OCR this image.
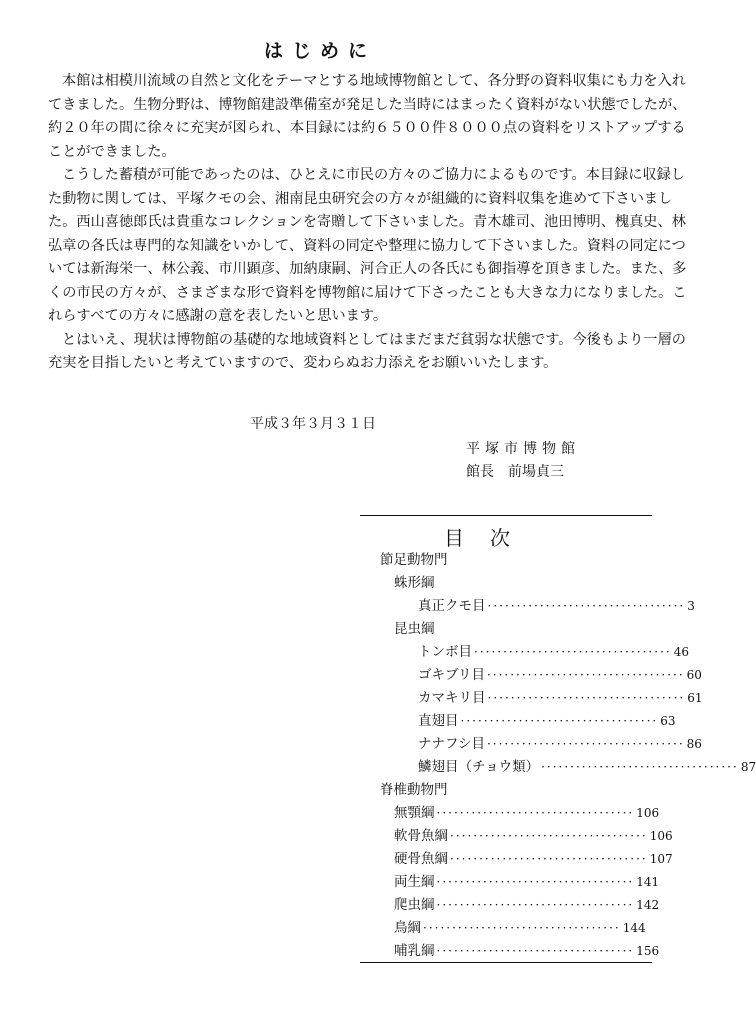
はじめに

本館は相模川流域の自然と文化をテーマとする地域博物館として、各分野の資料収集にも力を入れてきました。生物分野は、博物館建設準備室が発足した当時にはまったく資料がない状態でしたが、約２０年の間に徐々に充実が図られ、本目録には約６５００件８０００点の資料をリストアップすることができました。

こうした蓄積が可能であったのは、ひとえに市民の方々のご協力によるものです。本目録に収録した動物に関しては、平塚クモの会、湘南昆虫研究会の方々が組織的に資料収集を進めて下さいました。西山喜徳郎氏は貴重なコレクションを寄贈して下さいました。青木雄司、池田博明、槐真史、林弘章の各氏は専門的な知識をいかして、資料の同定や整理に協力して下さいました。資料の同定については新海栄一、林公義、市川顕彦、加納康嗣、河合正人の各氏にも御指導を頂きました。また、多くの市民の方々が、さまざまな形で資料を博物館に届けて下さったことも大きな力になりました。これらすべての方々に感謝の意を表したいと思います。

とはいえ、現状は博物館の基礎的な地域資料としてはまだまだ貧弱な状態です。今後もより一層の充実を目指したいと考えていますので、変わらぬお力添えをお願いいたします。

平成３年３月３１日
平塚市博物館
館長 前場貞三
目次
節足動物門
蛛形綱
真正クモ目 ·································· 3
昆虫綱
トンボ目 ·································· 46
ゴキブリ目 ·································· 60
カマキリ目 ·································· 61
直翅目 ·································· 63
ナナフシ目 ·································· 86
鱗翅目（チョウ類） ·································· 87
脊椎動物門
無顎綱 ·································· 106
軟骨魚綱 ·································· 106
硬骨魚綱 ·································· 107
両生綱 ·································· 141
爬虫綱 ·································· 142
鳥綱 ·································· 144
哺乳綱 ·································· 156
